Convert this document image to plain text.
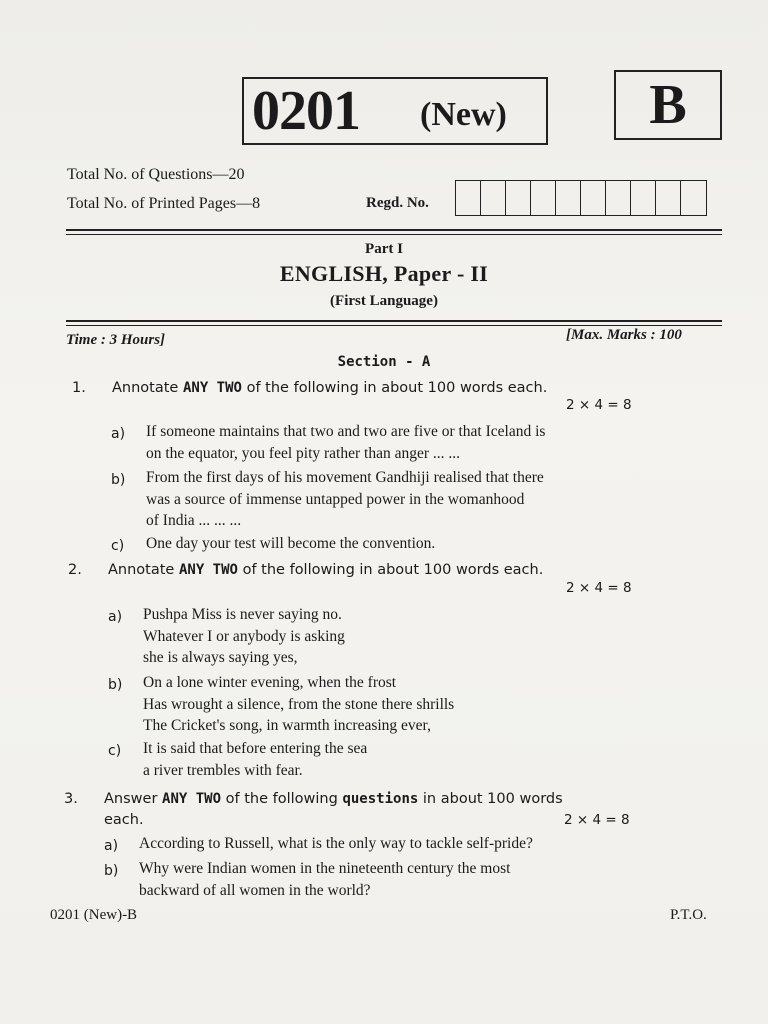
0201 (New)	B
Total No. of Questions—20
Total No. of Printed Pages—8	Regd. No.
Part I
ENGLISH, Paper - II
(First Language)
Time : 3 Hours]	[Max. Marks : 100
Section - A
1. Annotate ANY TWO of the following in about 100 words each.
2 × 4 = 8
a) If someone maintains that two and two are five or that Iceland is
on the equator, you feel pity rather than anger ... ...
b) From the first days of his movement Gandhiji realised that there
was a source of immense untapped power in the womanhood
of India ... ... ...
c) One day your test will become the convention.
2. Annotate ANY TWO of the following in about 100 words each.
2 × 4 = 8
a) Pushpa Miss is never saying no.
Whatever I or anybody is asking
she is always saying yes,
b) On a lone winter evening, when the frost
Has wrought a silence, from the stone there shrills
The Cricket's song, in warmth increasing ever,
c) It is said that before entering the sea
a river trembles with fear.
3. Answer ANY TWO of the following questions in about 100 words
each.	2 × 4 = 8
a) According to Russell, what is the only way to tackle self-pride?
b) Why were Indian women in the nineteenth century the most
backward of all women in the world?
0201 (New)-B	P.T.O.
